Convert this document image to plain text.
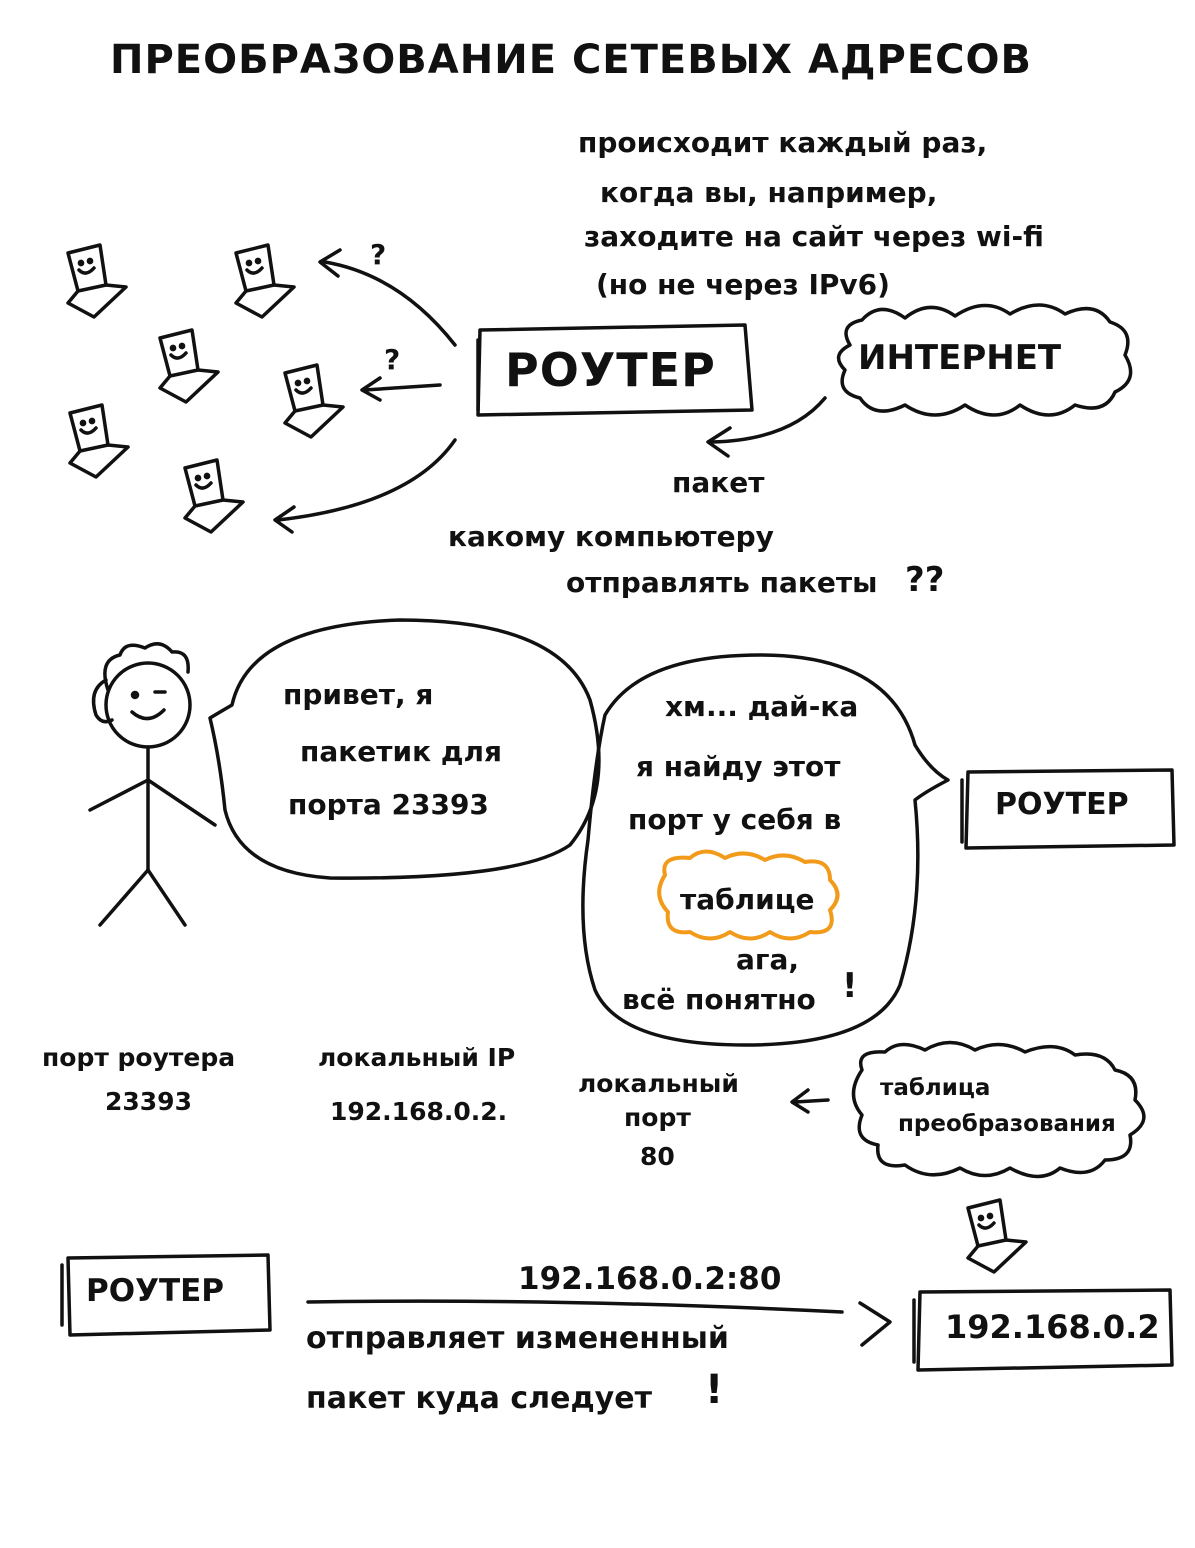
ПРЕОБРАЗОВАНИЕ СЕТЕВЫХ АДРЕСОВ
происходит каждый раз,
когда вы, например,
заходите на сайт через wi-fi
(но не через IPv6)
?
? РОУТЕР	ИНТЕРНЕТ
пакет
какому компьютеру
отправлять пакеты ??
привет, я
пакетик для
порта 23393
хм... дай-ка
я найду этот
порт у себя в
таблице
ага,
всё понятно !
РОУТЕР
порт роутера
23393
локальный IP
192.168.0.2.
локальный
порт
80
таблица
преобразования
РОУТЕР	192.168.0.2:80
отправляет измененный
пакет куда следует !
192.168.0.2
